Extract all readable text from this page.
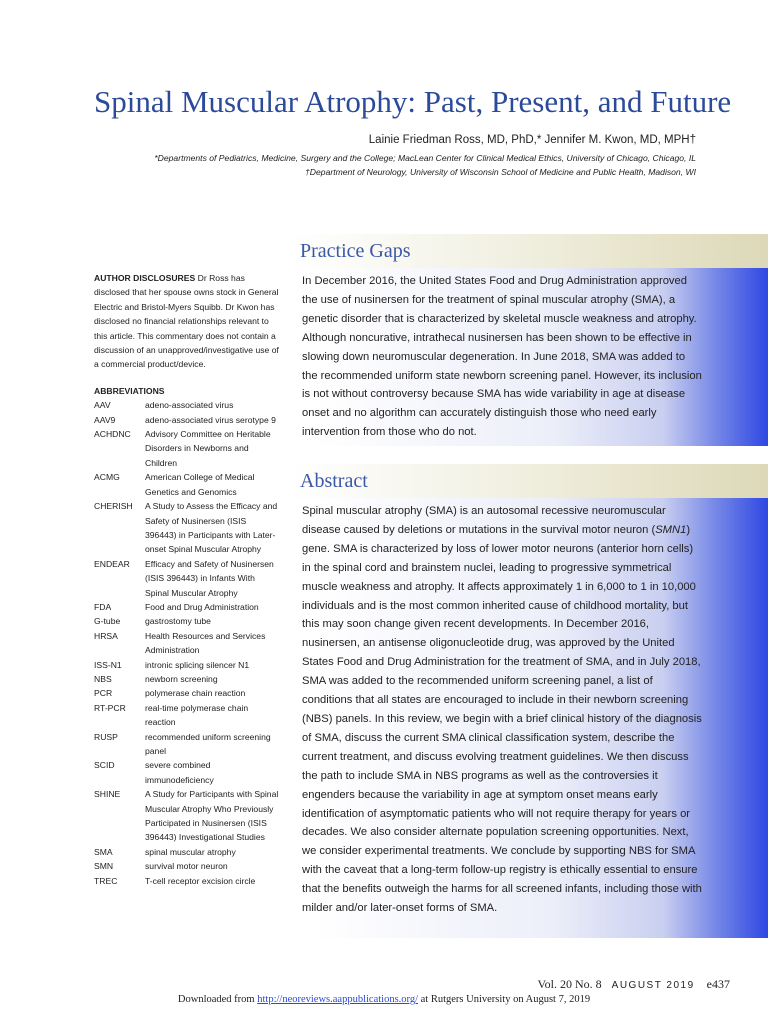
Spinal Muscular Atrophy: Past, Present, and Future
Lainie Friedman Ross, MD, PhD,* Jennifer M. Kwon, MD, MPH†
*Departments of Pediatrics, Medicine, Surgery and the College; MacLean Center for Clinical Medical Ethics, University of Chicago, Chicago, IL
†Department of Neurology, University of Wisconsin School of Medicine and Public Health, Madison, WI
Practice Gaps
In December 2016, the United States Food and Drug Administration approved the use of nusinersen for the treatment of spinal muscular atrophy (SMA), a genetic disorder that is characterized by skeletal muscle weakness and atrophy. Although noncurative, intrathecal nusinersen has been shown to be effective in slowing down neuromuscular degeneration. In June 2018, SMA was added to the recommended uniform state newborn screening panel. However, its inclusion is not without controversy because SMA has wide variability in age at disease onset and no algorithm can accurately distinguish those who need early intervention from those who do not.
Abstract
Spinal muscular atrophy (SMA) is an autosomal recessive neuromuscular disease caused by deletions or mutations in the survival motor neuron (SMN1) gene. SMA is characterized by loss of lower motor neurons (anterior horn cells) in the spinal cord and brainstem nuclei, leading to progressive symmetrical muscle weakness and atrophy. It affects approximately 1 in 6,000 to 1 in 10,000 individuals and is the most common inherited cause of childhood mortality, but this may soon change given recent developments. In December 2016, nusinersen, an antisense oligonucleotide drug, was approved by the United States Food and Drug Administration for the treatment of SMA, and in July 2018, SMA was added to the recommended uniform screening panel, a list of conditions that all states are encouraged to include in their newborn screening (NBS) panels. In this review, we begin with a brief clinical history of the diagnosis of SMA, discuss the current SMA clinical classification system, describe the current treatment, and discuss evolving treatment guidelines. We then discuss the path to include SMA in NBS programs as well as the controversies it engenders because the variability in age at symptom onset means early identification of asymptomatic patients who will not require therapy for years or decades. We also consider alternate population screening opportunities. Next, we consider experimental treatments. We conclude by supporting NBS for SMA with the caveat that a long-term follow-up registry is ethically essential to ensure that the benefits outweigh the harms for all screened infants, including those with milder and/or later-onset forms of SMA.
AUTHOR DISCLOSURES Dr Ross has disclosed that her spouse owns stock in General Electric and Bristol-Myers Squibb. Dr Kwon has disclosed no financial relationships relevant to this article. This commentary does not contain a discussion of an unapproved/investigative use of a commercial product/device.
ABBREVIATIONS
AAV	adeno-associated virus
AAV9	adeno-associated virus serotype 9
ACHDNC	Advisory Committee on Heritable Disorders in Newborns and Children
ACMG	American College of Medical Genetics and Genomics
CHERISH	A Study to Assess the Efficacy and Safety of Nusinersen (ISIS 396443) in Participants with Later-onset Spinal Muscular Atrophy
ENDEAR	Efficacy and Safety of Nusinersen (ISIS 396443) in Infants With Spinal Muscular Atrophy
FDA	Food and Drug Administration
G-tube	gastrostomy tube
HRSA	Health Resources and Services Administration
ISS-N1	intronic splicing silencer N1
NBS	newborn screening
PCR	polymerase chain reaction
RT-PCR	real-time polymerase chain reaction
RUSP	recommended uniform screening panel
SCID	severe combined immunodeficiency
SHINE	A Study for Participants with Spinal Muscular Atrophy Who Previously Participated in Nusinersen (ISIS 396443) Investigational Studies
SMA	spinal muscular atrophy
SMN	survival motor neuron
TREC	T-cell receptor excision circle
Vol. 20 No. 8 AUGUST 2019 e437
Downloaded from http://neoreviews.aappublications.org/ at Rutgers University on August 7, 2019
